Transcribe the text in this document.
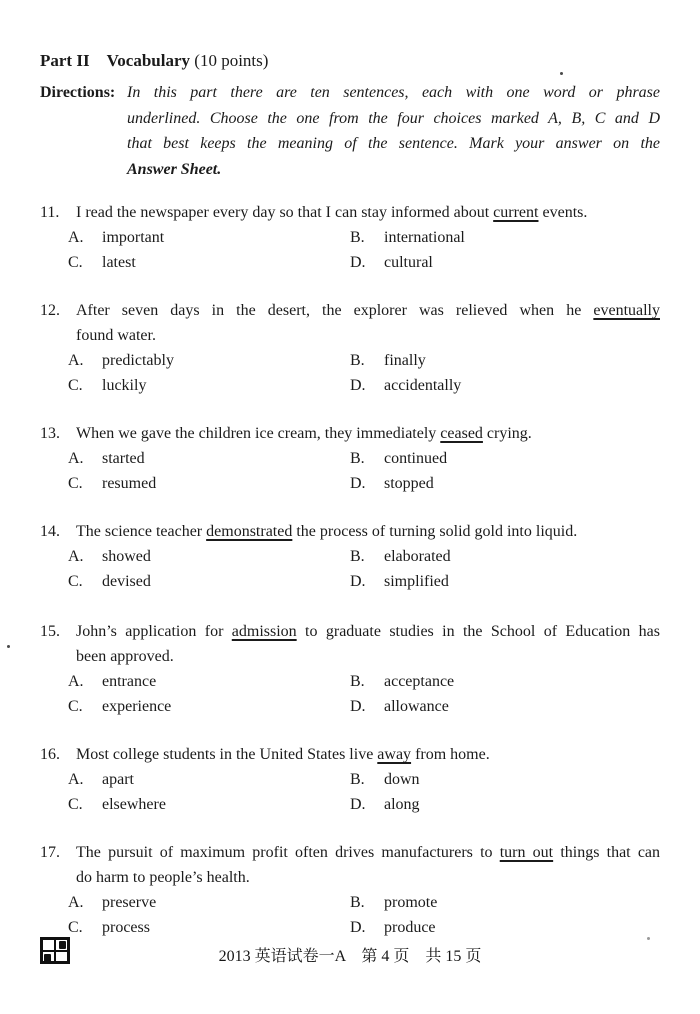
Part II Vocabulary (10 points)
Directions: In this part there are ten sentences, each with one word or phrase
underlined. Choose the one from the four choices marked A, B, C and D
that best keeps the meaning of the sentence. Mark your answer on the
Answer Sheet.
11.	I read the newspaper every day so that I can stay informed about current events.
A. important	B. international
C. latest	D. cultural
12.	After seven days in the desert, the explorer was relieved when he eventually
found water.
A. predictably	B. finally
C. luckily	D. accidentally
13.	When we gave the children ice cream, they immediately ceased crying.
A. started	B. continued
C. resumed	D. stopped
14.	The science teacher demonstrated the process of turning solid gold into liquid.
A. showed	B. elaborated
C. devised	D. simplified
15.	John’s application for admission to graduate studies in the School of Education has
been approved.
A. entrance	B. acceptance
C. experience	D. allowance
16.	Most college students in the United States live away from home.
A. apart	B. down
C. elsewhere	D. along
17.	The pursuit of maximum profit often drives manufacturers to turn out things that can
do harm to people’s health.
A. preserve	B. promote
C. process	D. produce
2013 英语试卷一A　第 4 页　共 15 页
